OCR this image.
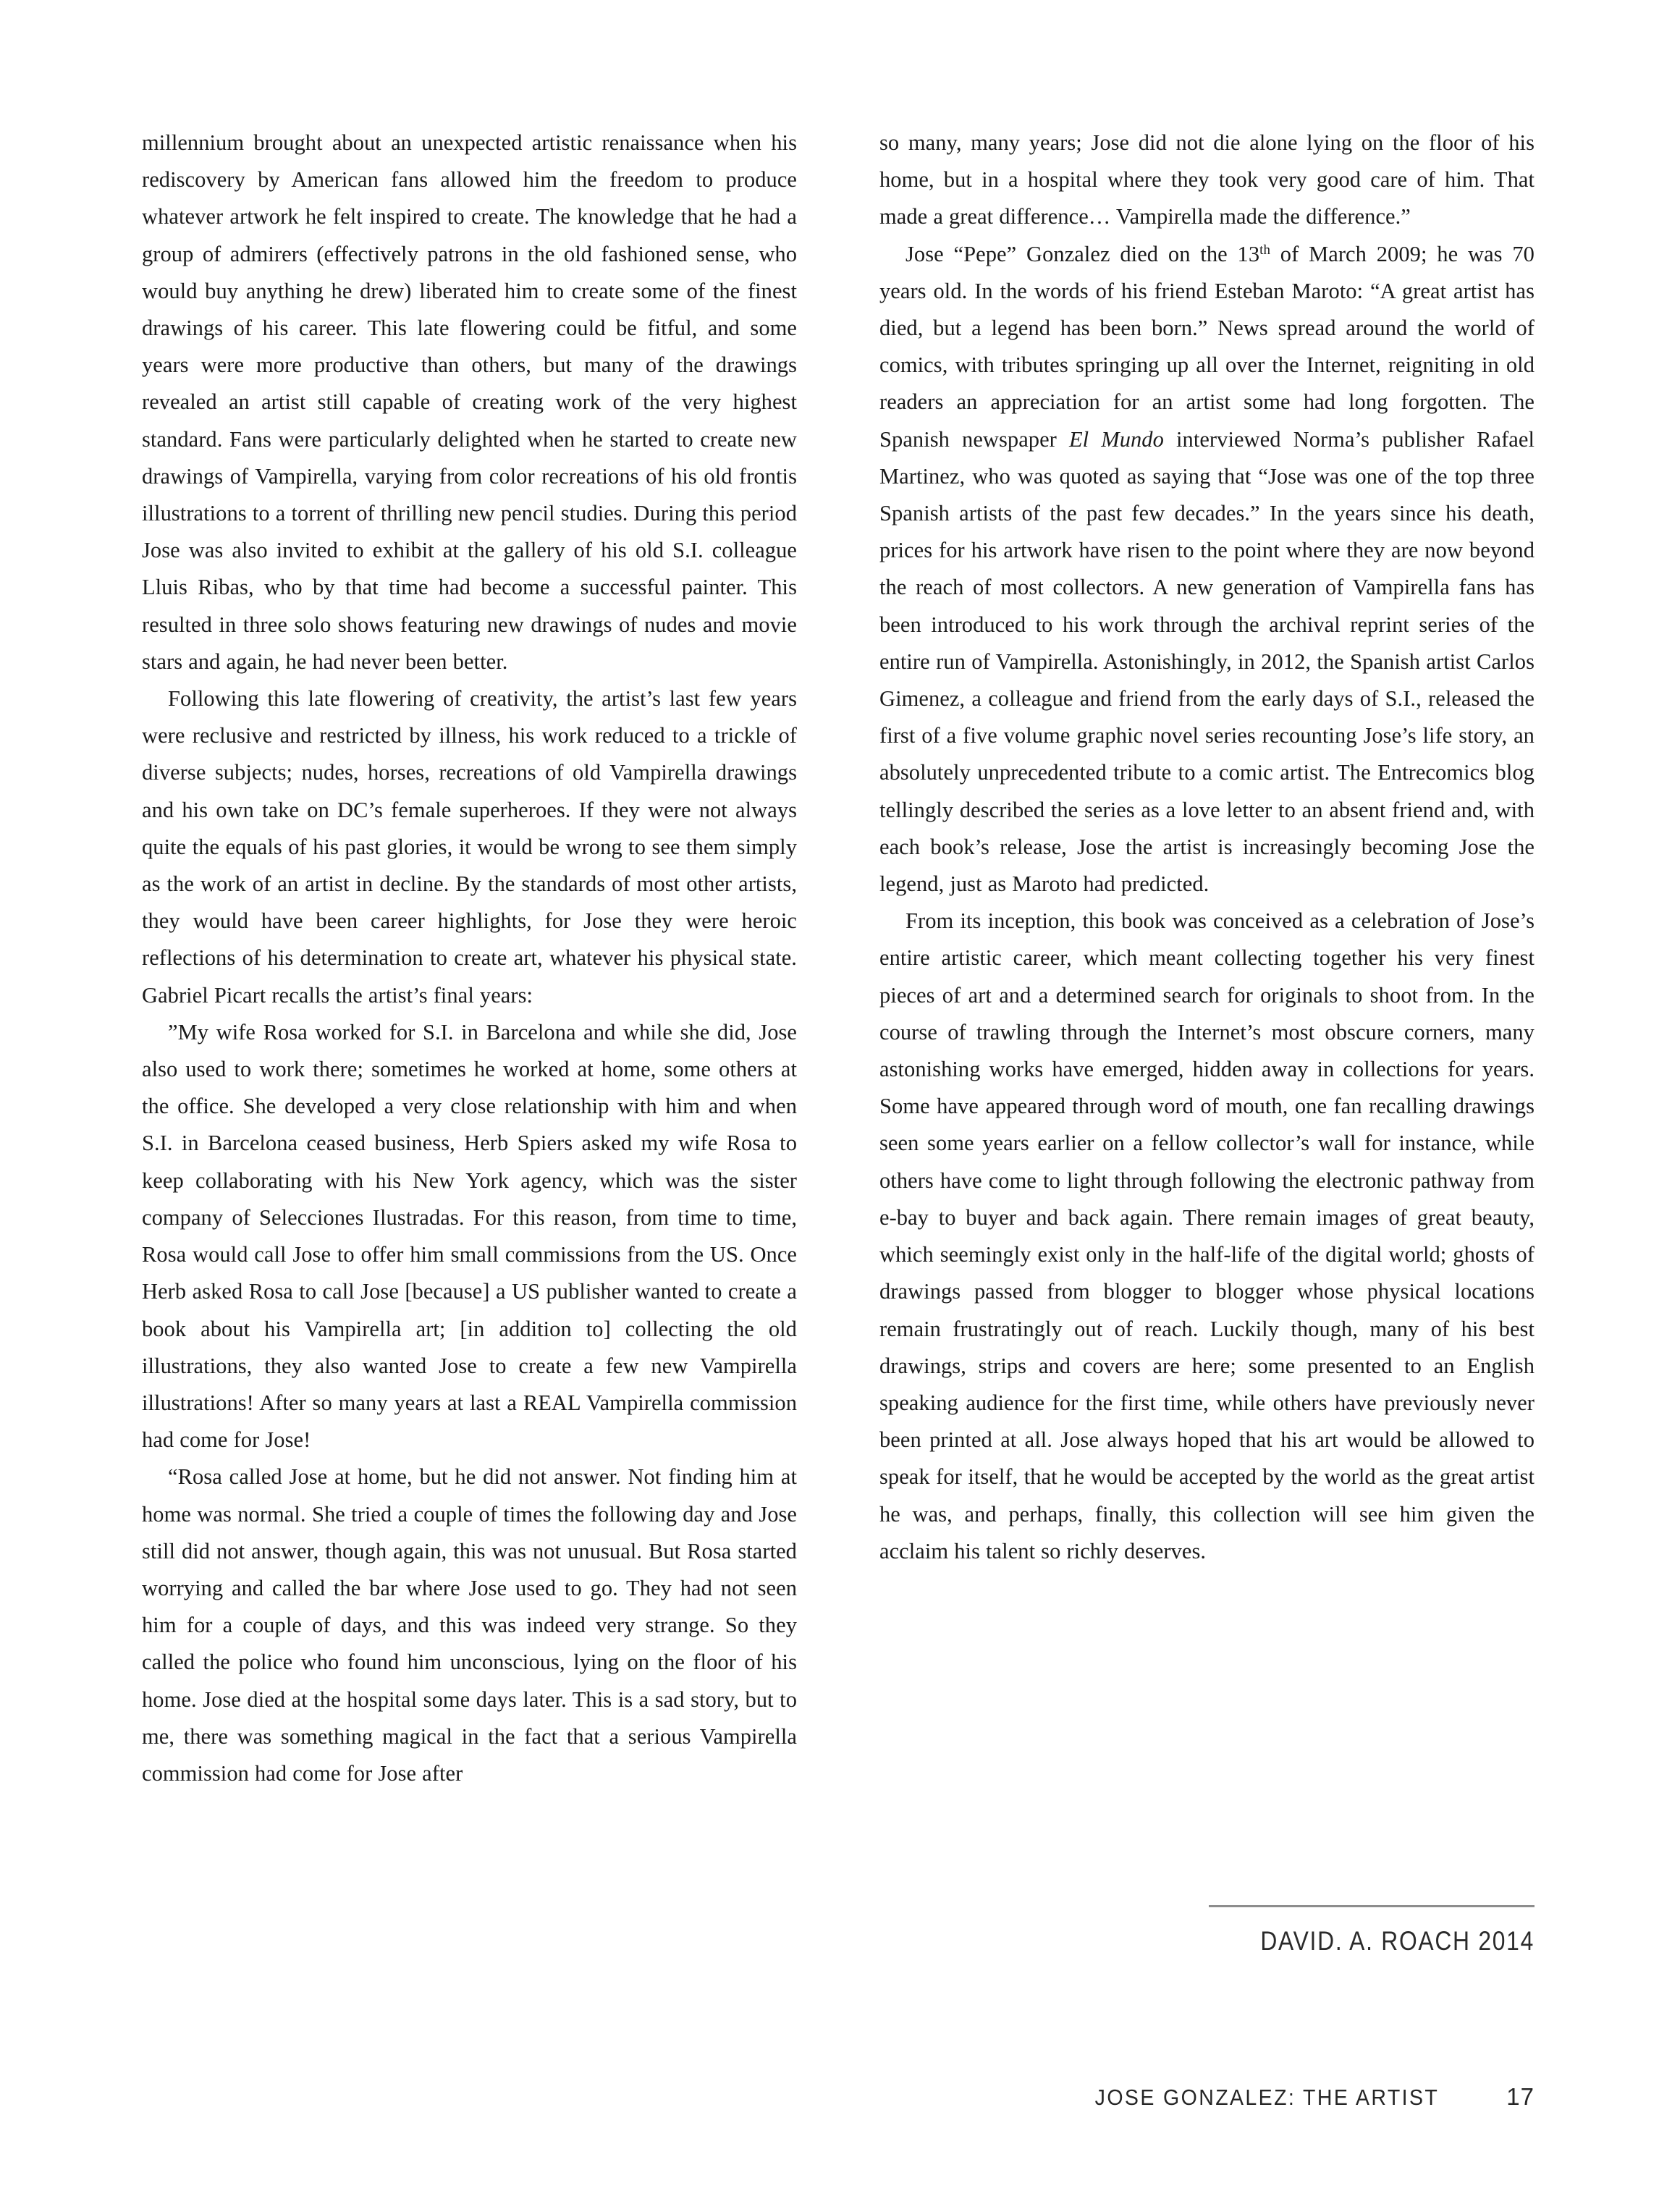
millennium brought about an unexpected artistic renaissance when his rediscovery by American fans allowed him the freedom to produce whatever artwork he felt inspired to create. The knowledge that he had a group of admirers (effectively patrons in the old fashioned sense, who would buy anything he drew) liberated him to create some of the finest drawings of his career. This late flowering could be fitful, and some years were more productive than others, but many of the drawings revealed an artist still capable of creating work of the very highest standard. Fans were particularly delighted when he started to create new drawings of Vampirella, varying from color recreations of his old frontis illustrations to a torrent of thrilling new pencil studies. During this period Jose was also invited to exhibit at the gallery of his old S.I. colleague Lluis Ribas, who by that time had become a successful painter. This resulted in three solo shows featuring new drawings of nudes and movie stars and again, he had never been better.

Following this late flowering of creativity, the artist’s last few years were reclusive and restricted by illness, his work reduced to a trickle of diverse subjects; nudes, horses, recreations of old Vampirella drawings and his own take on DC’s female superheroes. If they were not always quite the equals of his past glories, it would be wrong to see them simply as the work of an artist in decline. By the standards of most other artists, they would have been career highlights, for Jose they were heroic reflections of his determination to create art, whatever his physical state. Gabriel Picart recalls the artist’s final years:

”My wife Rosa worked for S.I. in Barcelona and while she did, Jose also used to work there; sometimes he worked at home, some others at the office. She developed a very close relationship with him and when S.I. in Barcelona ceased business, Herb Spiers asked my wife Rosa to keep collaborating with his New York agency, which was the sister company of Selecciones Ilustradas. For this reason, from time to time, Rosa would call Jose to offer him small commissions from the US. Once Herb asked Rosa to call Jose [because] a US publisher wanted to create a book about his Vampirella art; [in addition to] collecting the old illustrations, they also wanted Jose to create a few new Vampirella illustrations! After so many years at last a REAL Vampirella commission had come for Jose!

“Rosa called Jose at home, but he did not answer. Not finding him at home was normal. She tried a couple of times the following day and Jose still did not answer, though again, this was not unusual. But Rosa started worrying and called the bar where Jose used to go. They had not seen him for a couple of days, and this was indeed very strange. So they called the police who found him unconscious, lying on the floor of his home. Jose died at the hospital some days later. This is a sad story, but to me, there was something magical in the fact that a serious Vampirella commission had come for Jose after

so many, many years; Jose did not die alone lying on the floor of his home, but in a hospital where they took very good care of him. That made a great difference… Vampirella made the difference.”

Jose “Pepe” Gonzalez died on the 13th of March 2009; he was 70 years old. In the words of his friend Esteban Maroto: “A great artist has died, but a legend has been born.” News spread around the world of comics, with tributes springing up all over the Internet, reigniting in old readers an appreciation for an artist some had long forgotten. The Spanish newspaper El Mundo interviewed Norma’s publisher Rafael Martinez, who was quoted as saying that “Jose was one of the top three Spanish artists of the past few decades.” In the years since his death, prices for his artwork have risen to the point where they are now beyond the reach of most collectors. A new generation of Vampirella fans has been introduced to his work through the archival reprint series of the entire run of Vampirella. Astonishingly, in 2012, the Spanish artist Carlos Gimenez, a colleague and friend from the early days of S.I., released the first of a five volume graphic novel series recounting Jose’s life story, an absolutely unprecedented tribute to a comic artist. The Entrecomics blog tellingly described the series as a love letter to an absent friend and, with each book’s release, Jose the artist is increasingly becoming Jose the legend, just as Maroto had predicted.

From its inception, this book was conceived as a celebration of Jose’s entire artistic career, which meant collecting together his very finest pieces of art and a determined search for originals to shoot from. In the course of trawling through the Internet’s most obscure corners, many astonishing works have emerged, hidden away in collections for years. Some have appeared through word of mouth, one fan recalling drawings seen some years earlier on a fellow collector’s wall for instance, while others have come to light through following the electronic pathway from e-bay to buyer and back again. There remain images of great beauty, which seemingly exist only in the half-life of the digital world; ghosts of drawings passed from blogger to blogger whose physical locations remain frustratingly out of reach. Luckily though, many of his best drawings, strips and covers are here; some presented to an English speaking audience for the first time, while others have previously never been printed at all. Jose always hoped that his art would be allowed to speak for itself, that he would be accepted by the world as the great artist he was, and perhaps, finally, this collection will see him given the acclaim his talent so richly deserves.

DAVID. A. ROACH 2014
JOSE GONZALEZ: THE ARTIST	17
